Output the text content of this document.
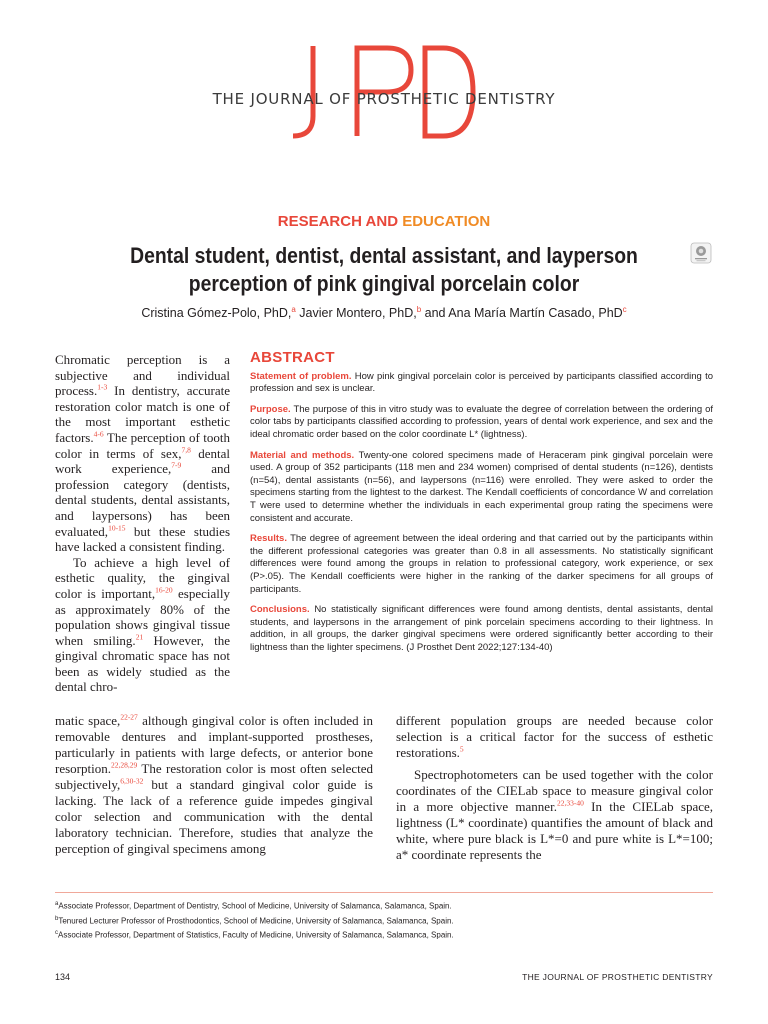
THE JOURNAL OF PROSTHETIC DENTISTRY
RESEARCH AND EDUCATION
Dental student, dentist, dental assistant, and layperson perception of pink gingival porcelain color
Cristina Gómez-Polo, PhD,$^a$ Javier Montero, PhD,$^b$ and Ana María Martín Casado, PhD$^c$

Chromatic perception is a subjective and individual process.$^{1-3}$ In dentistry, accurate restoration color match is one of the most important esthetic factors.$^{4-6}$ The perception of tooth color in terms of sex,$^{7,8}$ dental work experience,$^{7-9}$ and profession category (dentists, dental students, dental assistants, and laypersons) has been evaluated,$^{10-15}$ but these studies have lacked a consistent finding.

To achieve a high level of esthetic quality, the gingival color is important,$^{16-20}$ especially as approximately 80% of the population shows gingival tissue when smiling.$^{21}$ However, the gingival chromatic space has not been as widely studied as the dental chro-

ABSTRACT

Statement of problem. How pink gingival porcelain color is perceived by participants classified according to profession and sex is unclear.

Purpose. The purpose of this in vitro study was to evaluate the degree of correlation between the ordering of color tabs by participants classified according to profession, years of dental work experience, and sex and the ideal chromatic order based on the color coordinate L* (lightness).

Material and methods. Twenty-one colored specimens made of Heraceram pink gingival porcelain were used. A group of 352 participants (118 men and 234 women) comprised of dental students (n=126), dentists (n=54), dental assistants (n=56), and laypersons (n=116) were enrolled. They were asked to order the specimens starting from the lightest to the darkest. The Kendall coefficients of concordance W and correlation T were used to determine whether the individuals in each experimental group rating the specimens were consistent and accurate.

Results. The degree of agreement between the ideal ordering and that carried out by the participants within the different professional categories was greater than 0.8 in all assessments. No statistically significant differences were found among the groups in relation to professional category, work experience, or sex (P>.05). The Kendall coefficients were higher in the ranking of the darker specimens for all groups of participants.

Conclusions. No statistically significant differences were found among dentists, dental assistants, dental students, and laypersons in the arrangement of pink porcelain specimens according to their lightness. In addition, in all groups, the darker gingival specimens were ordered significantly better according to their lightness than the lighter specimens. (J Prosthet Dent 2022;127:134-40)

matic space,$^{22-27}$ although gingival color is often included in removable dentures and implant-supported prostheses, particularly in patients with large defects, or anterior bone resorption.$^{22,28,29}$ The restoration color is most often selected subjectively,$^{6,30-32}$ but a standard gingival color guide is lacking. The lack of a reference guide impedes gingival color selection and communication with the dental laboratory technician. Therefore, studies that analyze the perception of gingival specimens among

different population groups are needed because color selection is a critical factor for the success of esthetic restorations.$^5$

Spectrophotometers can be used together with the color coordinates of the CIELab space to measure gingival color in a more objective manner.$^{22,33-40}$ In the CIELab space, lightness (L* coordinate) quantifies the amount of black and white, where pure black is L*=0 and pure white is L*=100; a* coordinate represents the

$^a$Associate Professor, Department of Dentistry, School of Medicine, University of Salamanca, Salamanca, Spain.
$^b$Tenured Lecturer Professor of Prosthodontics, School of Medicine, University of Salamanca, Salamanca, Spain.
$^c$Associate Professor, Department of Statistics, Faculty of Medicine, University of Salamanca, Salamanca, Spain.
134	THE JOURNAL OF PROSTHETIC DENTISTRY
